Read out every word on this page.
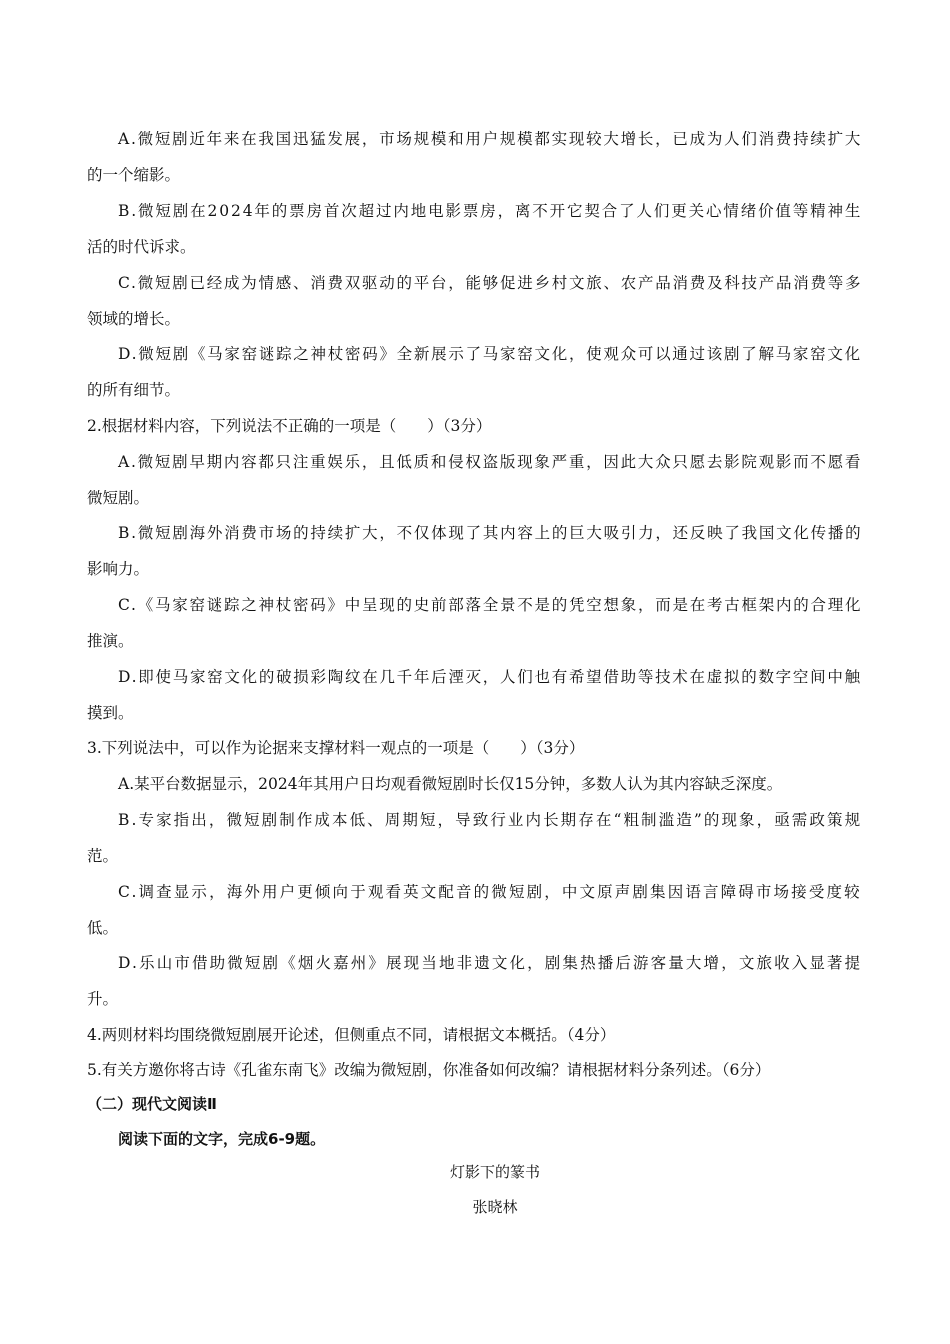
A.微短剧近年来在我国迅猛发展，市场规模和用户规模都实现较大增长，已成为人们消费持续扩大
的一个缩影。
B.微短剧在2024年的票房首次超过内地电影票房，离不开它契合了人们更关心情绪价值等精神生
活的时代诉求。
C.微短剧已经成为情感、消费双驱动的平台，能够促进乡村文旅、农产品消费及科技产品消费等多
领域的增长。
D.微短剧《马家窑谜踪之神杖密码》全新展示了马家窑文化，使观众可以通过该剧了解马家窑文化
的所有细节。
2.根据材料内容，下列说法不正确的一项是（　　）（3分）
A.微短剧早期内容都只注重娱乐，且低质和侵权盗版现象严重，因此大众只愿去影院观影而不愿看
微短剧。
B.微短剧海外消费市场的持续扩大，不仅体现了其内容上的巨大吸引力，还反映了我国文化传播的
影响力。
C.《马家窑谜踪之神杖密码》中呈现的史前部落全景不是的凭空想象，而是在考古框架内的合理化
推演。
D.即使马家窑文化的破损彩陶纹在几千年后湮灭，人们也有希望借助等技术在虚拟的数字空间中触
摸到。
3.下列说法中，可以作为论据来支撑材料一观点的一项是（　　）（3分）
A.某平台数据显示，2024年其用户日均观看微短剧时长仅15分钟，多数人认为其内容缺乏深度。
B.专家指出，微短剧制作成本低、周期短，导致行业内长期存在“粗制滥造”的现象，亟需政策规
范。
C.调查显示，海外用户更倾向于观看英文配音的微短剧，中文原声剧集因语言障碍市场接受度较
低。
D.乐山市借助微短剧《烟火嘉州》展现当地非遗文化，剧集热播后游客量大增，文旅收入显著提
升。
4.两则材料均围绕微短剧展开论述，但侧重点不同，请根据文本概括。（4分）
5.有关方邀你将古诗《孔雀东南飞》改编为微短剧，你准备如何改编？请根据材料分条列述。（6分）
（二）现代文阅读Ⅱ
阅读下面的文字，完成6-9题。
灯影下的篆书
张晓林
